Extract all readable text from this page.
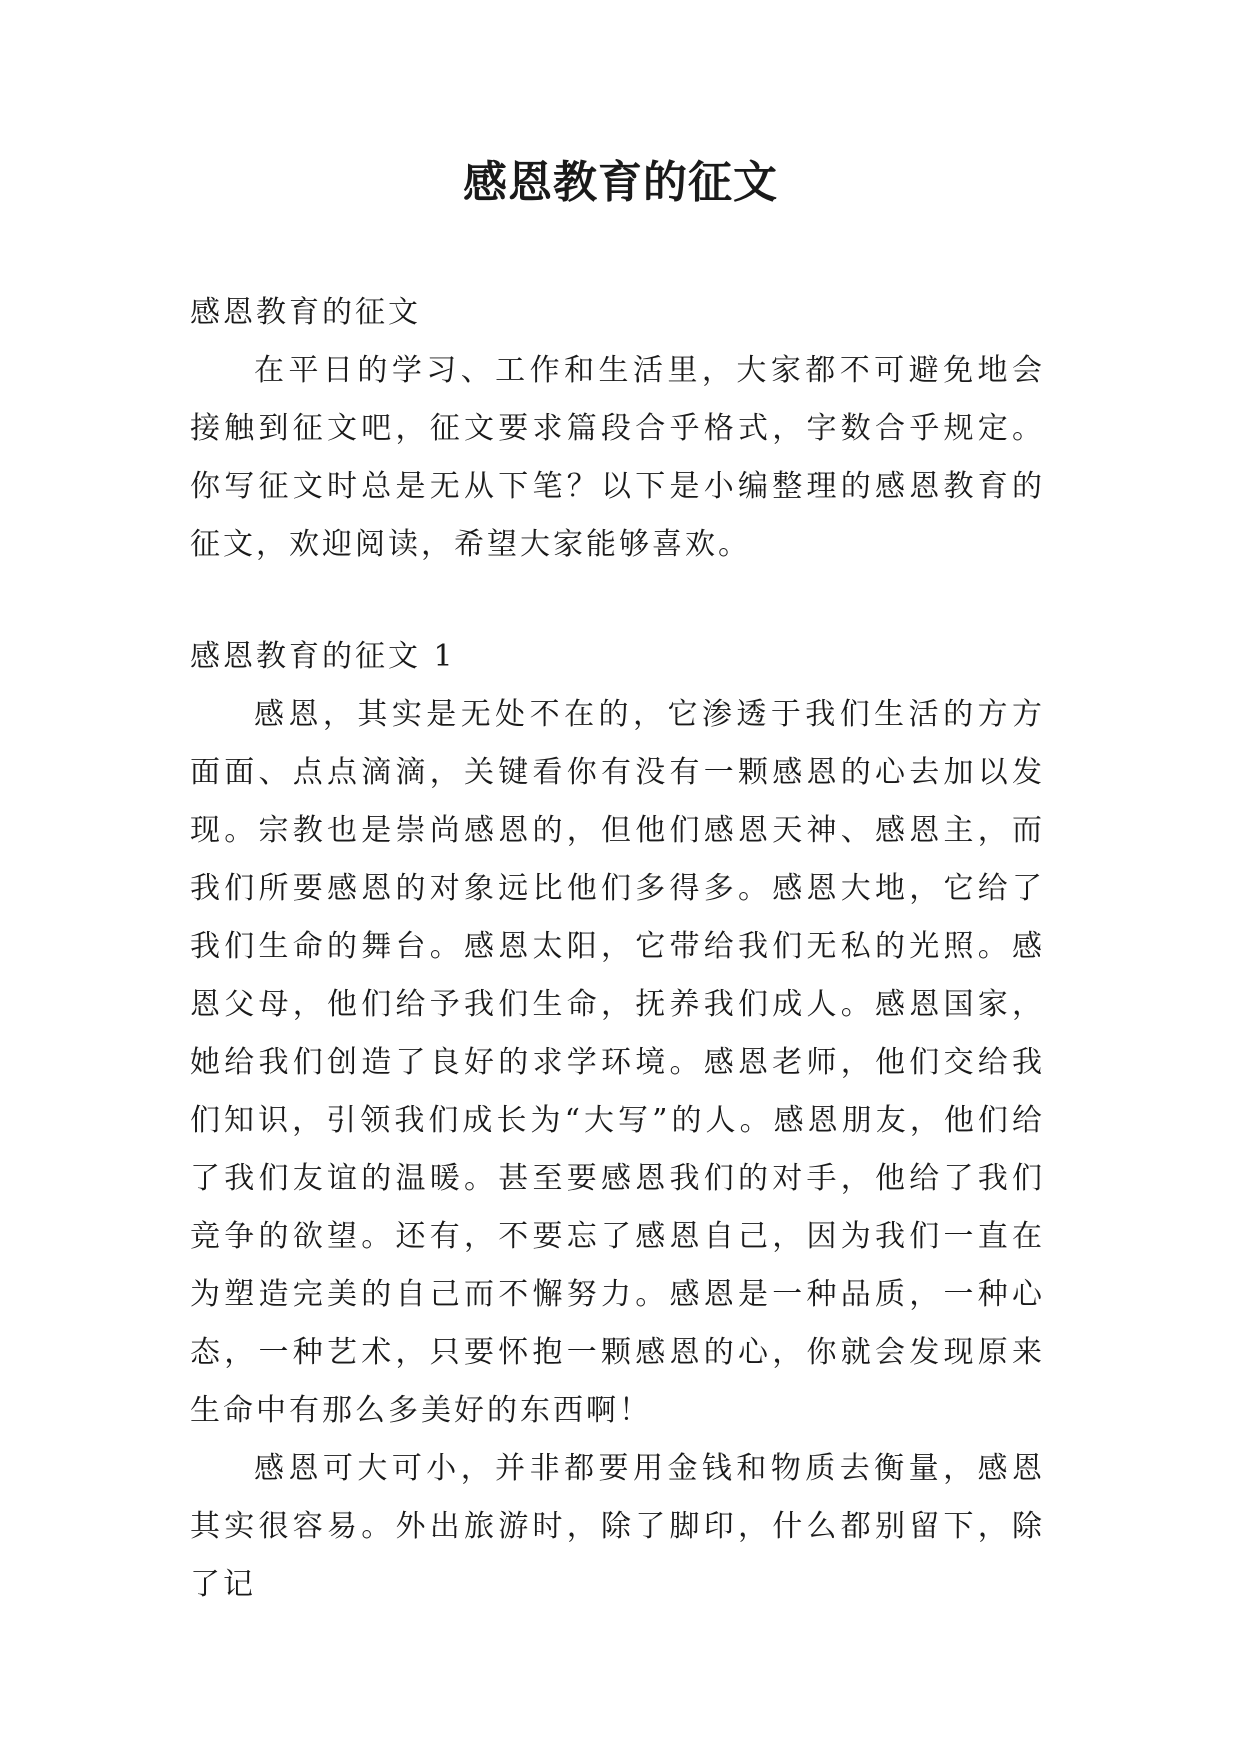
感恩教育的征文
感恩教育的征文

在平日的学习、工作和生活里，大家都不可避免地会接触到征文吧，征文要求篇段合乎格式，字数合乎规定。你写征文时总是无从下笔？以下是小编整理的感恩教育的征文，欢迎阅读，希望大家能够喜欢。

感恩教育的征文 1

感恩，其实是无处不在的，它渗透于我们生活的方方面面、点点滴滴，关键看你有没有一颗感恩的心去加以发现。宗教也是崇尚感恩的，但他们感恩天神、感恩主，而我们所要感恩的对象远比他们多得多。感恩大地，它给了我们生命的舞台。感恩太阳，它带给我们无私的光照。感恩父母，他们给予我们生命，抚养我们成人。感恩国家，她给我们创造了良好的求学环境。感恩老师，他们交给我们知识，引领我们成长为“大写”的人。感恩朋友，他们给了我们友谊的温暖。甚至要感恩我们的对手，他给了我们竞争的欲望。还有，不要忘了感恩自己，因为我们一直在为塑造完美的自己而不懈努力。感恩是一种品质，一种心态，一种艺术，只要怀抱一颗感恩的心，你就会发现原来生命中有那么多美好的东西啊！

感恩可大可小，并非都要用金钱和物质去衡量，感恩其实很容易。外出旅游时，除了脚印，什么都别留下，除了记
